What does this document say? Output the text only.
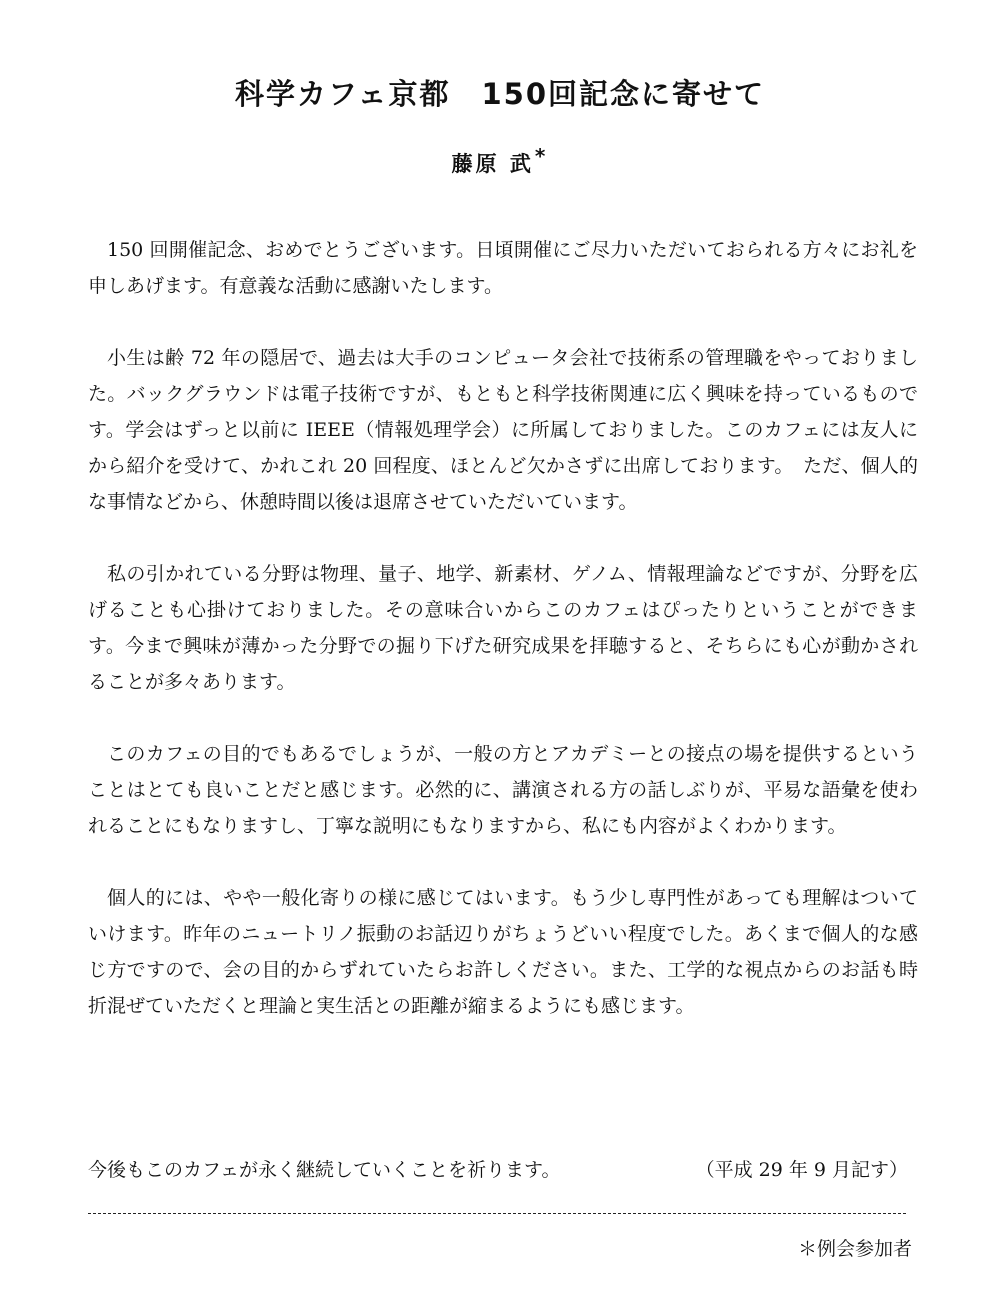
科学カフェ京都　150回記念に寄せて
藤原 武*

150 回開催記念、おめでとうございます。日頃開催にご尽力いただいておられる方々にお礼を申しあげます。有意義な活動に感謝いたします。

小生は齢 72 年の隠居で、過去は大手のコンピュータ会社で技術系の管理職をやっておりました。バックグラウンドは電子技術ですが、もともと科学技術関連に広く興味を持っているものです。学会はずっと以前に IEEE（情報処理学会）に所属しておりました。このカフェには友人にから紹介を受けて、かれこれ 20 回程度、ほとんど欠かさずに出席しております。　ただ、個人的な事情などから、休憩時間以後は退席させていただいています。

私の引かれている分野は物理、量子、地学、新素材、ゲノム、情報理論などですが、分野を広げることも心掛けておりました。その意味合いからこのカフェはぴったりということができます。今まで興味が薄かった分野での掘り下げた研究成果を拝聴すると、そちらにも心が動かされることが多々あります。

このカフェの目的でもあるでしょうが、一般の方とアカデミーとの接点の場を提供するということはとても良いことだと感じます。必然的に、講演される方の話しぶりが、平易な語彙を使われることにもなりますし、丁寧な説明にもなりますから、私にも内容がよくわかります。

個人的には、やや一般化寄りの様に感じてはいます。もう少し専門性があっても理解はついていけます。昨年のニュートリノ振動のお話辺りがちょうどいい程度でした。あくまで個人的な感じ方ですので、会の目的からずれていたらお許しください。また、工学的な視点からのお話も時折混ぜていただくと理論と実生活との距離が縮まるようにも感じます。

今後もこのカフェが永く継続していくことを祈ります。	（平成 29 年 9 月記す）
＊例会参加者
